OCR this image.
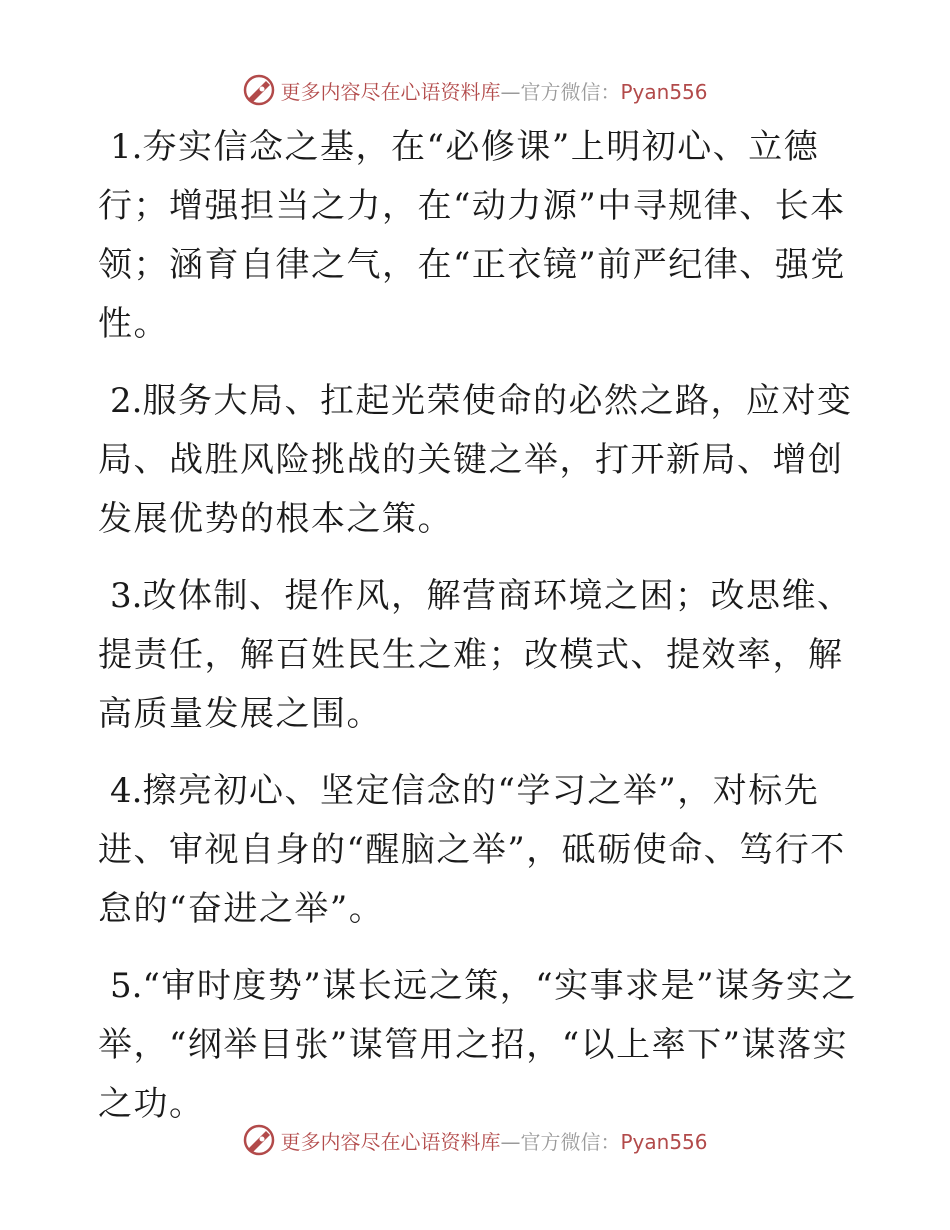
更多内容尽在心语资料库—官方微信：Pyan556

1.夯实信念之基，在“必修课”上明初心、立德行；增强担当之力，在“动力源”中寻规律、长本领；涵育自律之气，在“正衣镜”前严纪律、强党性。

2.服务大局、扛起光荣使命的必然之路，应对变局、战胜风险挑战的关键之举，打开新局、增创发展优势的根本之策。

3.改体制、提作风，解营商环境之困；改思维、提责任，解百姓民生之难；改模式、提效率，解高质量发展之围。

4.擦亮初心、坚定信念的“学习之举”，对标先进、审视自身的“醒脑之举”，砥砺使命、笃行不怠的“奋进之举”。

5.“审时度势”谋长远之策，“实事求是”谋务实之举，“纲举目张”谋管用之招，“以上率下”谋落实之功。

更多内容尽在心语资料库—官方微信：Pyan556
